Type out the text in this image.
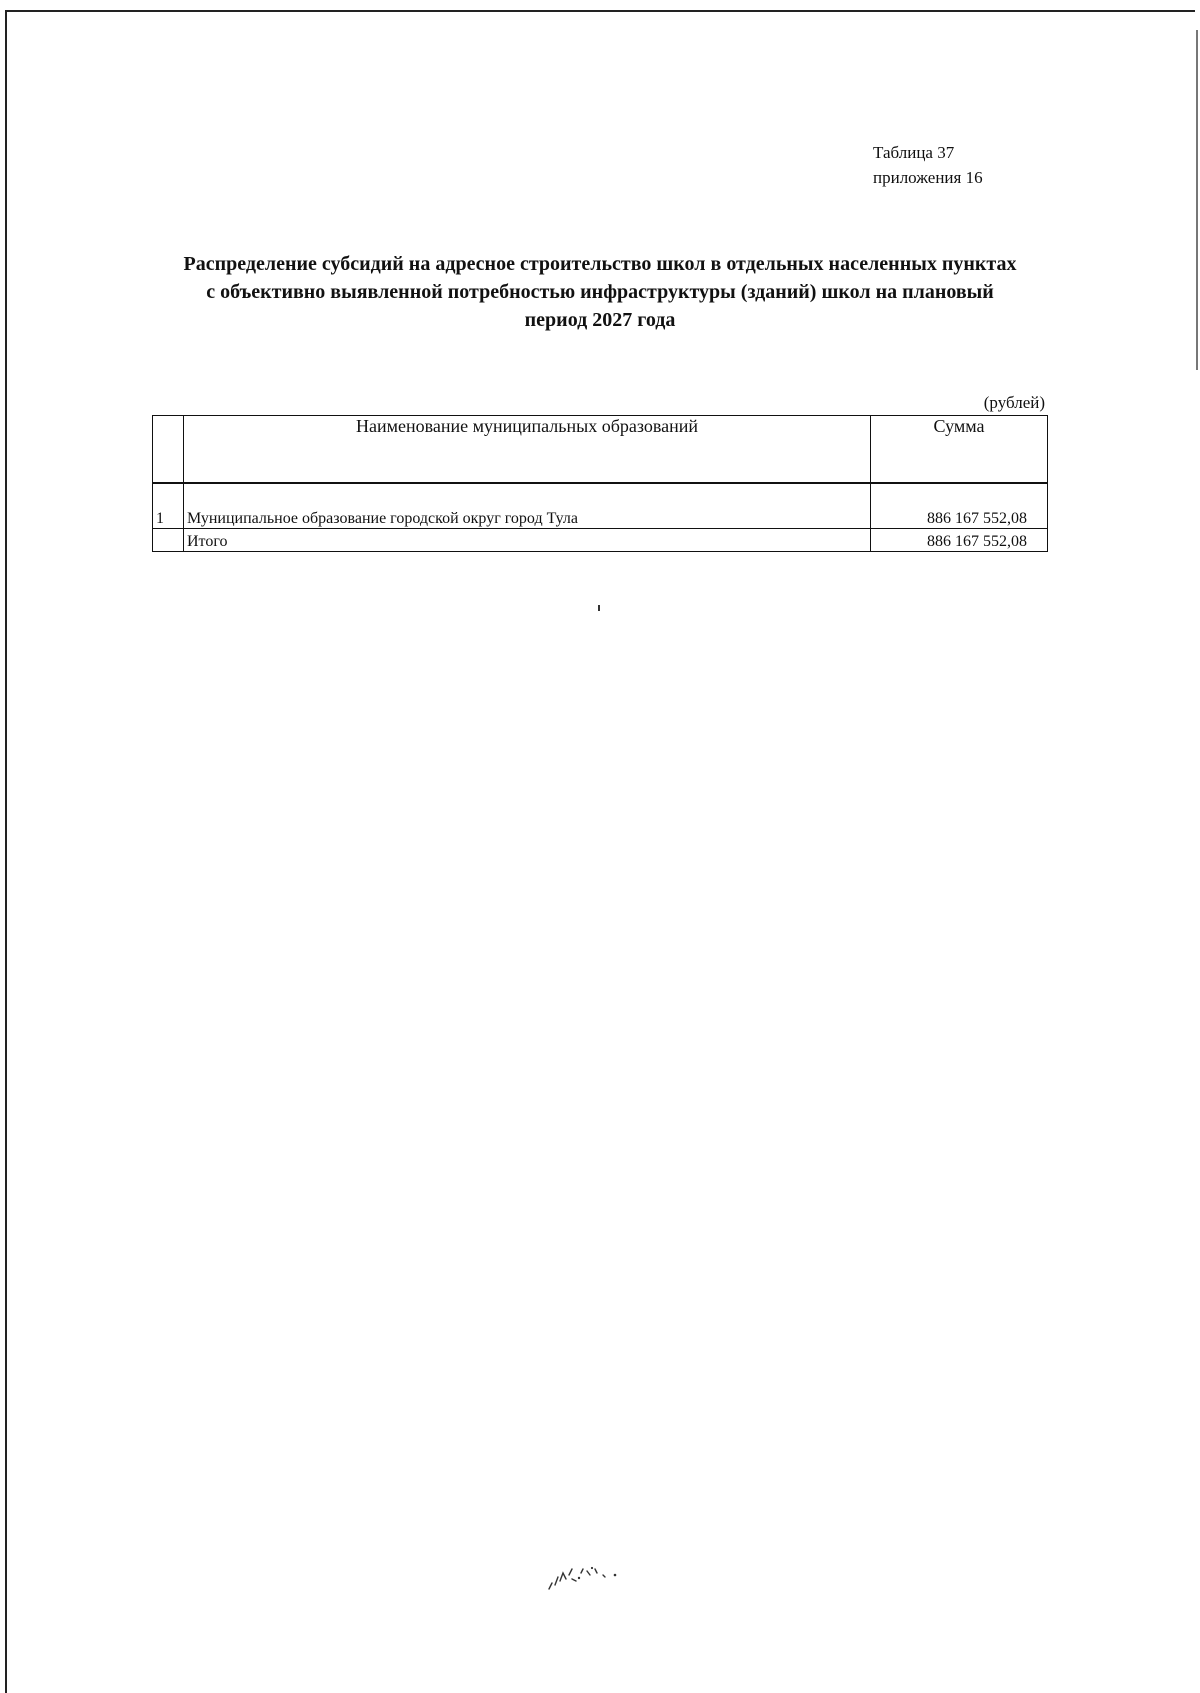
Таблица 37
приложения 16
Распределение субсидий на адресное строительство школ в отдельных населенных пунктах
с объективно выявленной потребностью инфраструктуры (зданий) школ на плановый
период 2027 года
(рублей)
	Наименование муниципальных образований	Сумма
1	Муниципальное образование городской округ город Тула	886 167 552,08
	Итого	886 167 552,08
